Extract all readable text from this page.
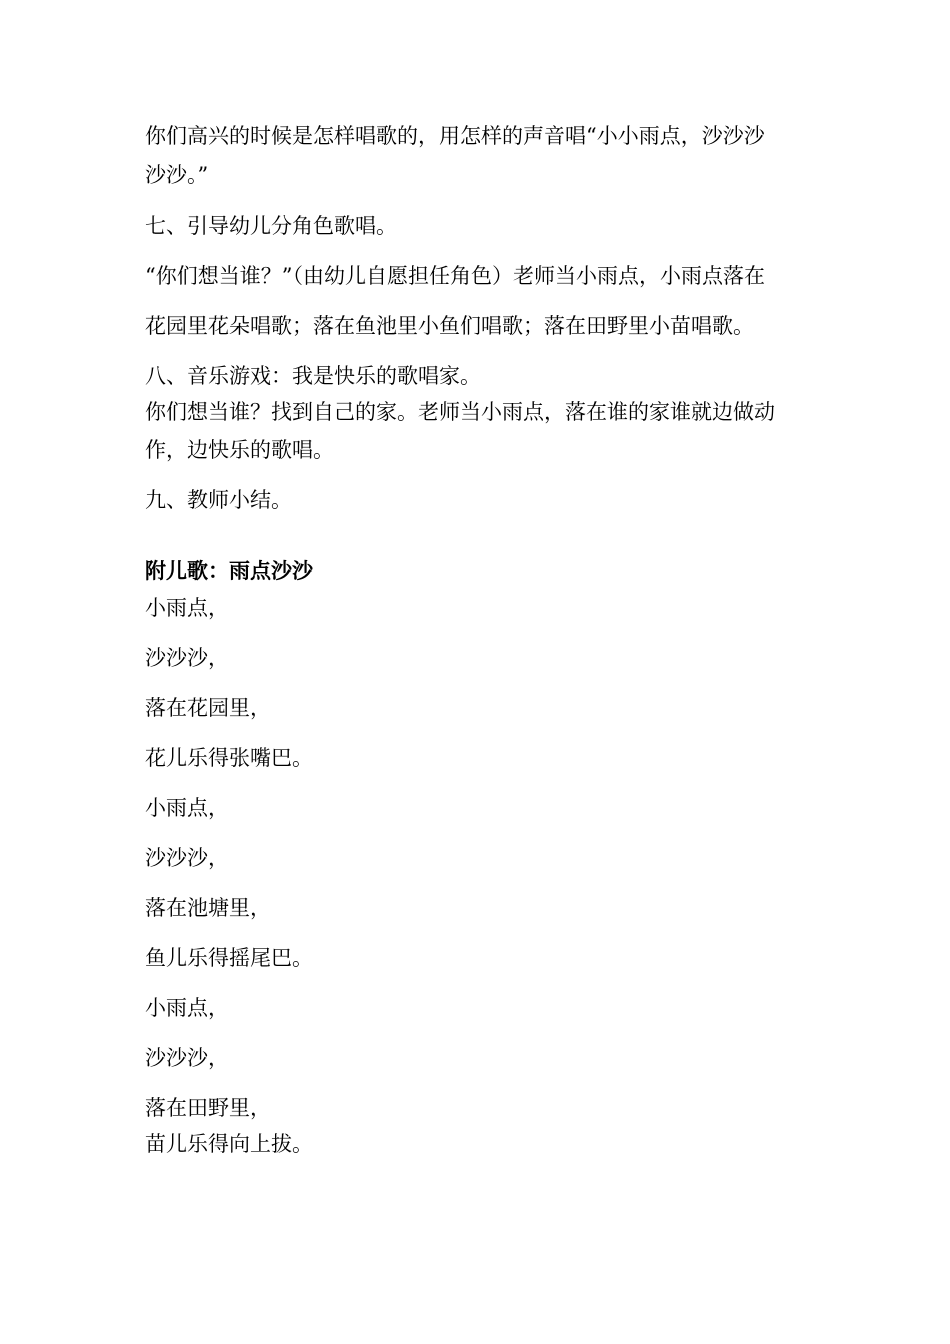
你们高兴的时候是怎样唱歌的，用怎样的声音唱“小小雨点，沙沙沙
沙沙。”
七、引导幼儿分角色歌唱。
“你们想当谁？”（由幼儿自愿担任角色）老师当小雨点，小雨点落在
花园里花朵唱歌；落在鱼池里小鱼们唱歌；落在田野里小苗唱歌。
八、音乐游戏：我是快乐的歌唱家。
你们想当谁？找到自己的家。老师当小雨点，落在谁的家谁就边做动
作，边快乐的歌唱。
九、教师小结。
附儿歌：雨点沙沙
小雨点，
沙沙沙，
落在花园里，
花儿乐得张嘴巴。
小雨点，
沙沙沙，
落在池塘里，
鱼儿乐得摇尾巴。
小雨点，
沙沙沙，
落在田野里，
苗儿乐得向上拔。
